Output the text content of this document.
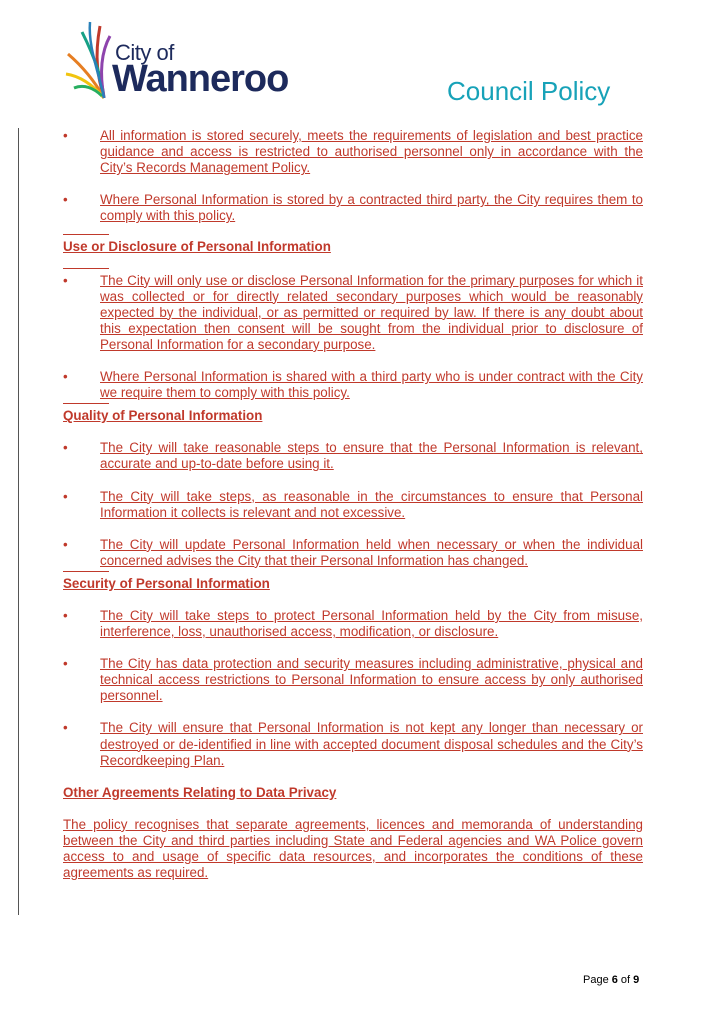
City of
Wanneroo	Council Policy

• All information is stored securely, meets the requirements of legislation and best practice guidance and access is restricted to authorised personnel only in accordance with the City’s Records Management Policy.

• Where Personal Information is stored by a contracted third party, the City requires them to comply with this policy.

Use or Disclosure of Personal Information

• The City will only use or disclose Personal Information for the primary purposes for which it was collected or for directly related secondary purposes which would be reasonably expected by the individual, or as permitted or required by law. If there is any doubt about this expectation then consent will be sought from the individual prior to disclosure of Personal Information for a secondary purpose.

• Where Personal Information is shared with a third party who is under contract with the City we require them to comply with this policy.

Quality of Personal Information

• The City will take reasonable steps to ensure that the Personal Information is relevant, accurate and up-to-date before using it.

• The City will take steps, as reasonable in the circumstances to ensure that Personal Information it collects is relevant and not excessive.

• The City will update Personal Information held when necessary or when the individual concerned advises the City that their Personal Information has changed.

Security of Personal Information

• The City will take steps to protect Personal Information held by the City from misuse, interference, loss, unauthorised access, modification, or disclosure.

• The City has data protection and security measures including administrative, physical and technical access restrictions to Personal Information to ensure access by only authorised personnel.

• The City will ensure that Personal Information is not kept any longer than necessary or destroyed or de-identified in line with accepted document disposal schedules and the City’s Recordkeeping Plan.

Other Agreements Relating to Data Privacy

The policy recognises that separate agreements, licences and memoranda of understanding between the City and third parties including State and Federal agencies and WA Police govern access to and usage of specific data resources, and incorporates the conditions of these agreements as required.

Page 6 of 9
